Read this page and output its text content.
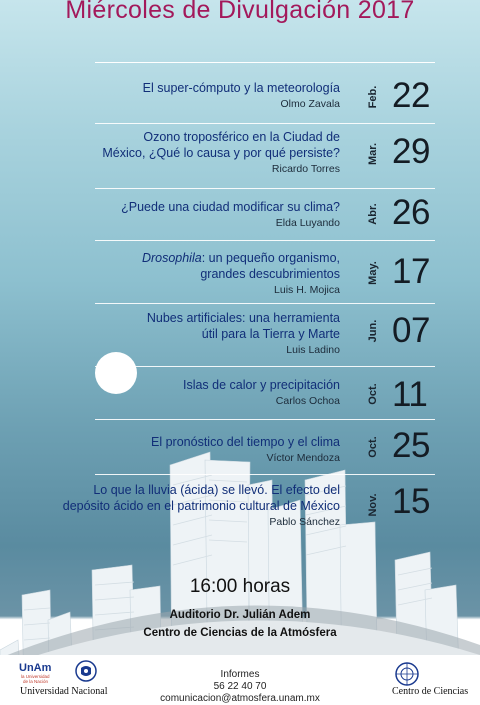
Miércoles de Divulgación 2017
El super-cómputo y la meteorología
Olmo Zavala Feb. 22
Ozono troposférico en la Ciudad de
México, ¿Qué lo causa y por qué persiste?
Ricardo Torres
Mar. 29
¿Puede una ciudad modificar su clima?
Elda Luyando Abr. 26
Drosophila: un pequeño organismo,
grandes descubrimientos
Luis H. Mojica
May. 17
Nubes artificiales: una herramienta
útil para la Tierra y Marte
Luis Ladino
Jun. 07
Islas de calor y precipitación
Carlos Ochoa Oct. 11
El pronóstico del tiempo y el clima
Víctor Mendoza
Oct. 25
Lo que la lluvia (ácida) se llevó. El efecto del
depósito ácido en el patrimonio cultural de México
Pablo Sánchez
Nov. 15
16:00 horas
Auditorio Dr. Julián Adem
Centro de Ciencias de la Atmósfera
UnAm
la Universidad
de la Nación
Universidad Nacional
Informes
56 22 40 70
comunicacion@atmosfera.unam.mx
Centro de Ciencias
